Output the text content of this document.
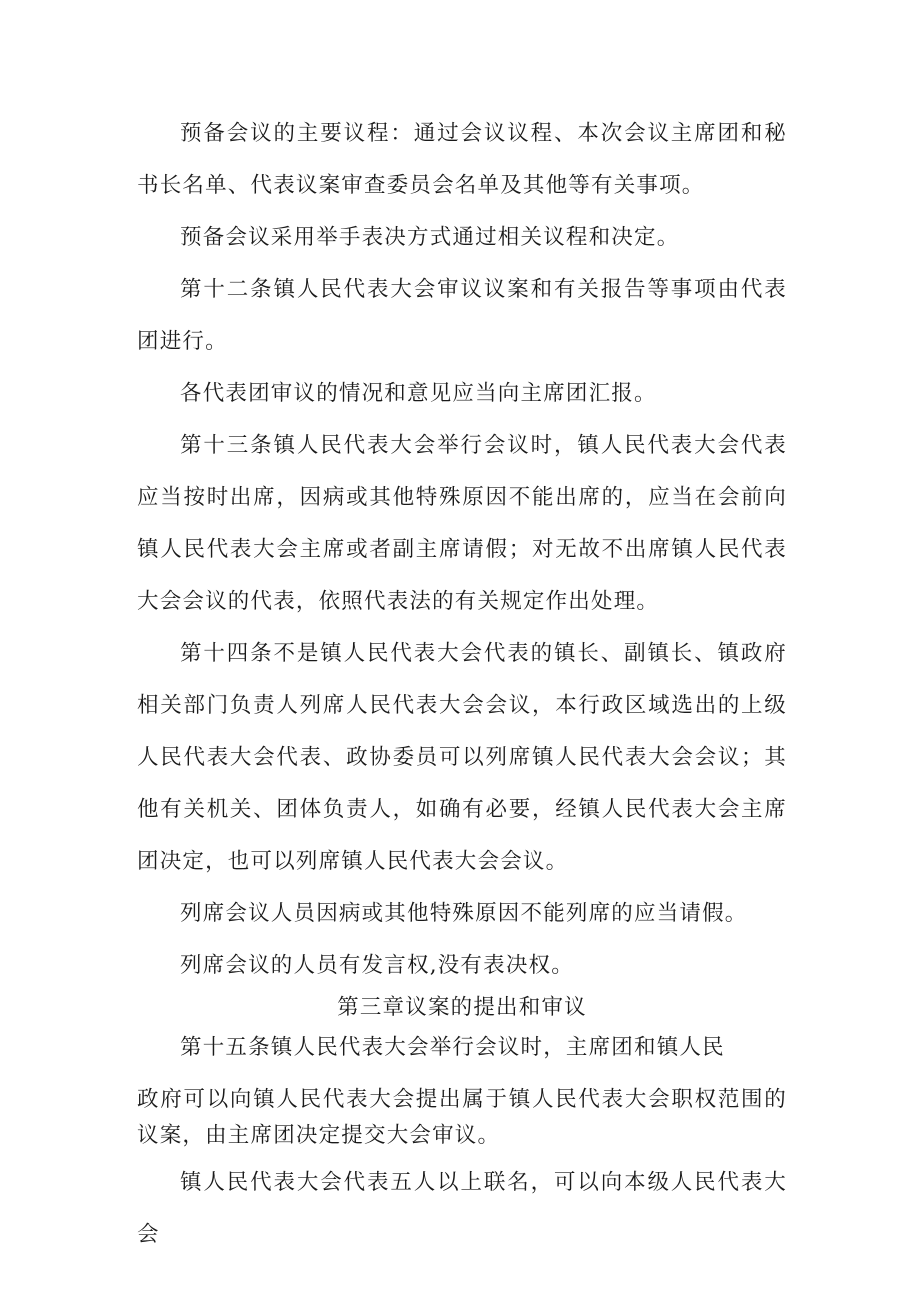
预备会议的主要议程：通过会议议程、本次会议主席团和秘书长名单、代表议案审查委员会名单及其他等有关事项。

预备会议采用举手表决方式通过相关议程和决定。

第十二条镇人民代表大会审议议案和有关报告等事项由代表团进行。

各代表团审议的情况和意见应当向主席团汇报。

第十三条镇人民代表大会举行会议时，镇人民代表大会代表应当按时出席，因病或其他特殊原因不能出席的，应当在会前向镇人民代表大会主席或者副主席请假；对无故不出席镇人民代表大会会议的代表，依照代表法的有关规定作出处理。

第十四条不是镇人民代表大会代表的镇长、副镇长、镇政府相关部门负责人列席人民代表大会会议，本行政区域选出的上级人民代表大会代表、政协委员可以列席镇人民代表大会会议；其他有关机关、团体负责人，如确有必要，经镇人民代表大会主席团决定，也可以列席镇人民代表大会会议。

列席会议人员因病或其他特殊原因不能列席的应当请假。

列席会议的人员有发言权,没有表决权。

第三章议案的提出和审议

第十五条镇人民代表大会举行会议时，主席团和镇人民

政府可以向镇人民代表大会提出属于镇人民代表大会职权范围的议案，由主席团决定提交大会审议。

镇人民代表大会代表五人以上联名，可以向本级人民代表大会
